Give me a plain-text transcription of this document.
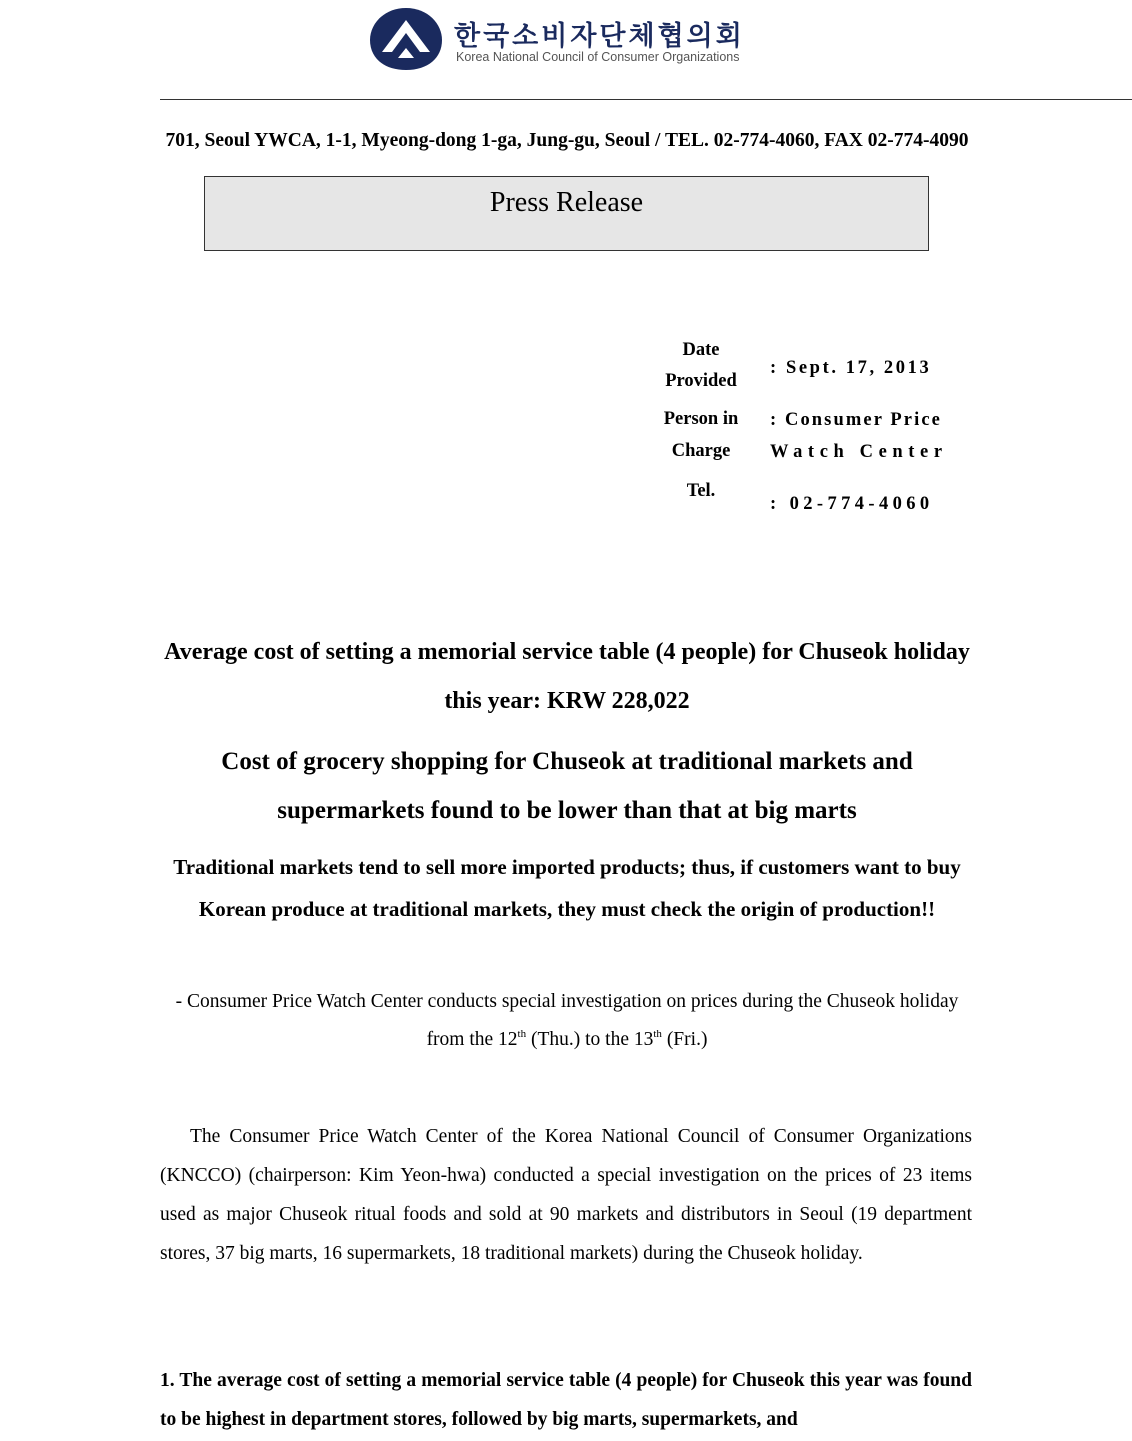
한국소비자단체협의회
Korea National Council of Consumer Organizations
701, Seoul YWCA, 1-1, Myeong-dong 1-ga, Jung-gu, Seoul / TEL. 02-774-4060, FAX 02-774-4090
Press Release
Date
Provided
: Sept. 17, 2013
Person in
Charge
: Consumer Price
Watch Center
Tel.
: 02-774-4060
Average cost of setting a memorial service table (4 people) for Chuseok holiday this year: KRW 228,022
Cost of grocery shopping for Chuseok at traditional markets and supermarkets found to be lower than that at big marts
Traditional markets tend to sell more imported products; thus, if customers want to buy Korean produce at traditional markets, they must check the origin of production!!
- Consumer Price Watch Center conducts special investigation on prices during the Chuseok holiday from the 12th (Thu.) to the 13th (Fri.)
The Consumer Price Watch Center of the Korea National Council of Consumer Organizations (KNCCO) (chairperson: Kim Yeon-hwa) conducted a special investigation on the prices of 23 items used as major Chuseok ritual foods and sold at 90 markets and distributors in Seoul (19 department stores, 37 big marts, 16 supermarkets, 18 traditional markets) during the Chuseok holiday.
1. The average cost of setting a memorial service table (4 people) for Chuseok this year was found to be highest in department stores, followed by big marts, supermarkets, and
